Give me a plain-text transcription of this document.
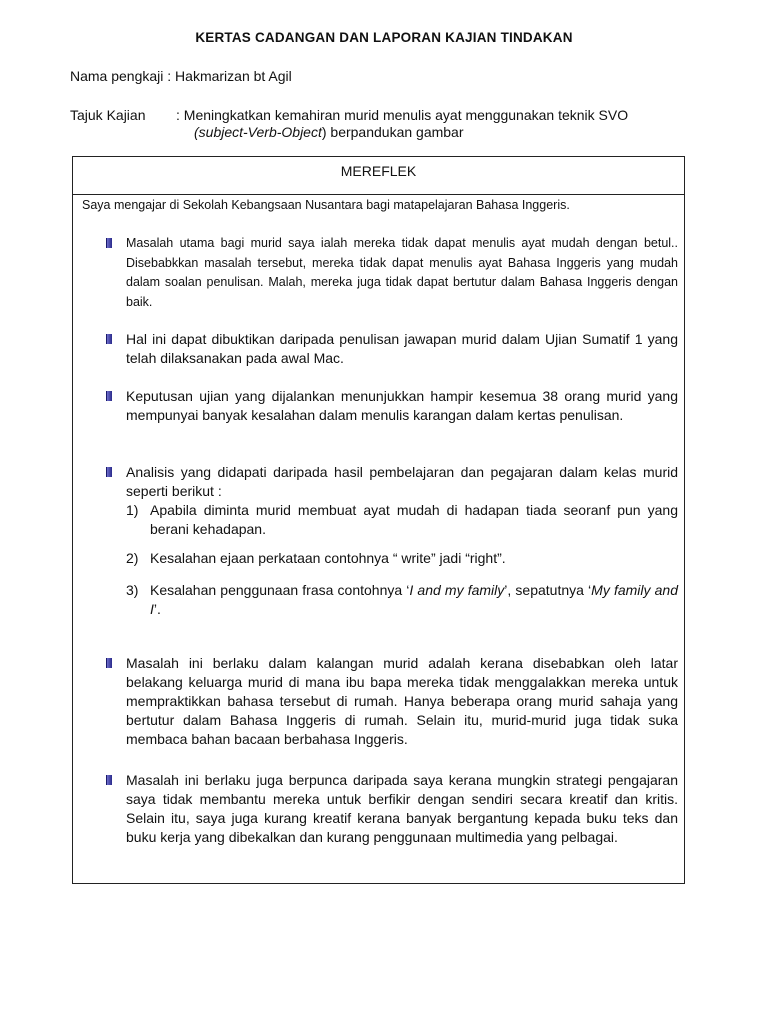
KERTAS CADANGAN DAN LAPORAN KAJIAN TINDAKAN
Nama pengkaji : Hakmarizan bt Agil
Tajuk Kajian : Meningkatkan kemahiran murid menulis ayat menggunakan teknik SVO
(subject-Verb-Object) berpandukan gambar
MEREFLEK
Saya mengajar di Sekolah Kebangsaan Nusantara bagi matapelajaran Bahasa Inggeris.
Masalah utama bagi murid saya ialah mereka tidak dapat menulis ayat mudah dengan betul.. Disebabkkan masalah tersebut, mereka tidak dapat menulis ayat Bahasa Inggeris yang mudah dalam soalan penulisan. Malah, mereka juga tidak dapat bertutur dalam Bahasa Inggeris dengan baik.
Hal ini dapat dibuktikan daripada penulisan jawapan murid dalam Ujian Sumatif 1 yang telah dilaksanakan pada awal Mac.
Keputusan ujian yang dijalankan menunjukkan hampir kesemua 38 orang murid yang mempunyai banyak kesalahan dalam menulis karangan dalam kertas penulisan.
Analisis yang didapati daripada hasil pembelajaran dan pegajaran dalam kelas murid seperti berikut :
1) Apabila diminta murid membuat ayat mudah di hadapan tiada seoranf pun yang berani kehadapan.
2) Kesalahan ejaan perkataan contohnya “ write” jadi “right”.
3) Kesalahan penggunaan frasa contohnya ‘I and my family’, sepatutnya ‘My family and I’.
Masalah ini berlaku dalam kalangan murid adalah kerana disebabkan oleh latar belakang keluarga murid di mana ibu bapa mereka tidak menggalakkan mereka untuk mempraktikkan bahasa tersebut di rumah. Hanya beberapa orang murid sahaja yang bertutur dalam Bahasa Inggeris di rumah. Selain itu, murid-murid juga tidak suka membaca bahan bacaan berbahasa Inggeris.
Masalah ini berlaku juga berpunca daripada saya kerana mungkin strategi pengajaran saya tidak membantu mereka untuk berfikir dengan sendiri secara kreatif dan kritis. Selain itu, saya juga kurang kreatif kerana banyak bergantung kepada buku teks dan buku kerja yang dibekalkan dan kurang penggunaan multimedia yang pelbagai.
